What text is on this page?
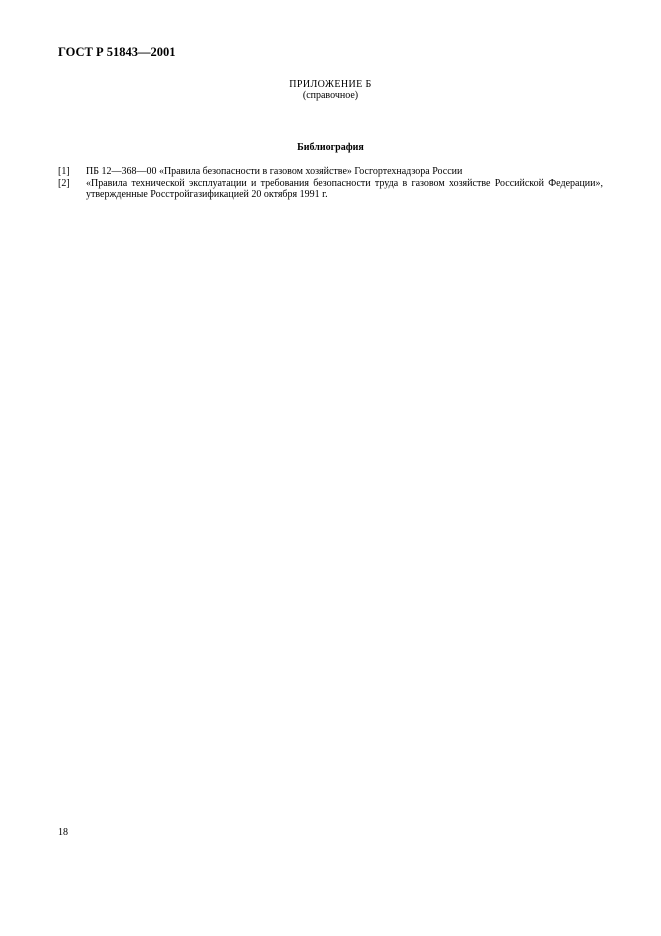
ГОСТ Р 51843—2001
ПРИЛОЖЕНИЕ Б
(справочное)
Библиография
[1]	ПБ 12—368—00 «Правила безопасности в газовом хозяйстве» Госгортехнадзора России
[2]	«Правила технической эксплуатации и требования безопасности труда в газовом хозяйстве Российской Федерации», утвержденные Росстройгазификацией 20 октября 1991 г.
18
